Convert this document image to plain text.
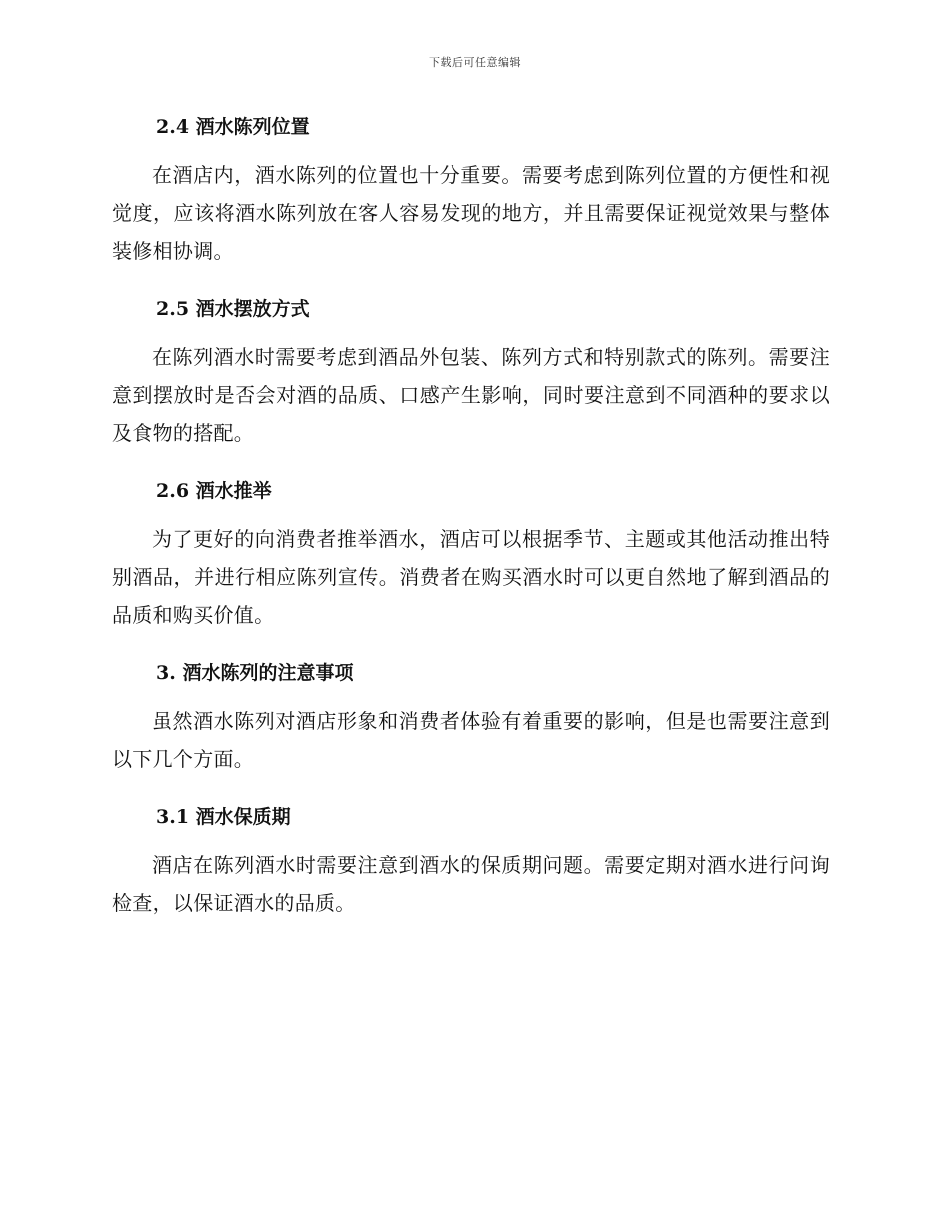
下载后可任意编辑
2.4 酒水陈列位置

在酒店内，酒水陈列的位置也十分重要。需要考虑到陈列位置的方便性和视觉度，应该将酒水陈列放在客人容易发现的地方，并且需要保证视觉效果与整体装修相协调。

2.5 酒水摆放方式

在陈列酒水时需要考虑到酒品外包装、陈列方式和特别款式的陈列。需要注意到摆放时是否会对酒的品质、口感产生影响，同时要注意到不同酒种的要求以及食物的搭配。

2.6 酒水推举

为了更好的向消费者推举酒水，酒店可以根据季节、主题或其他活动推出特别酒品，并进行相应陈列宣传。消费者在购买酒水时可以更自然地了解到酒品的品质和购买价值。

3. 酒水陈列的注意事项

虽然酒水陈列对酒店形象和消费者体验有着重要的影响，但是也需要注意到以下几个方面。

3.1 酒水保质期

酒店在陈列酒水时需要注意到酒水的保质期问题。需要定期对酒水进行问询检查，以保证酒水的品质。
